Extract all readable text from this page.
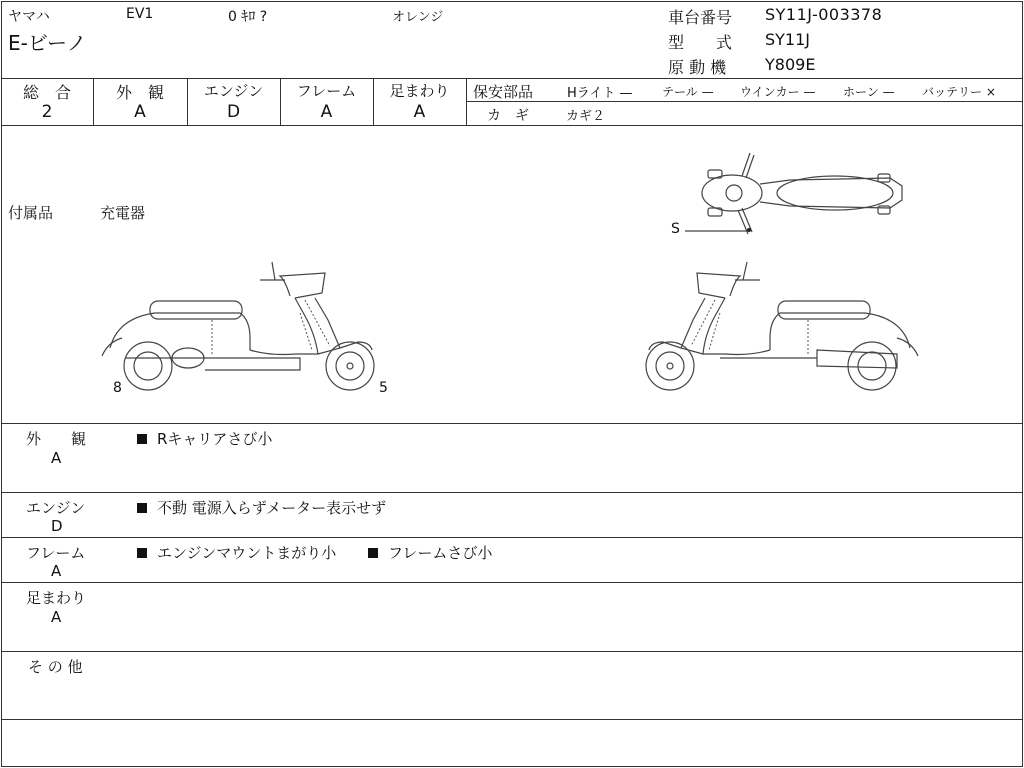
ヤマハ	EV1	0 ｷﾛ ?	オレンジ
E-ビーノ
車台番号 SY11J-003378
型　　式 SY11J
原 動 機 Y809E
総　合	外　観	エンジン	フレーム	足まわり
2	A	D	A	A
保安部品	Hライト — テール — ウインカー — ホーン — バッテリー ×
カ　ギ	カギ２
付属品	充電器
S
8	5
外　　観
A
Rキャリアさび小
エンジン
D
不動 電源入らずメーター表示せず
フレーム
A
エンジンマウントまがり小	フレームさび小
足まわり
A
そ の 他
